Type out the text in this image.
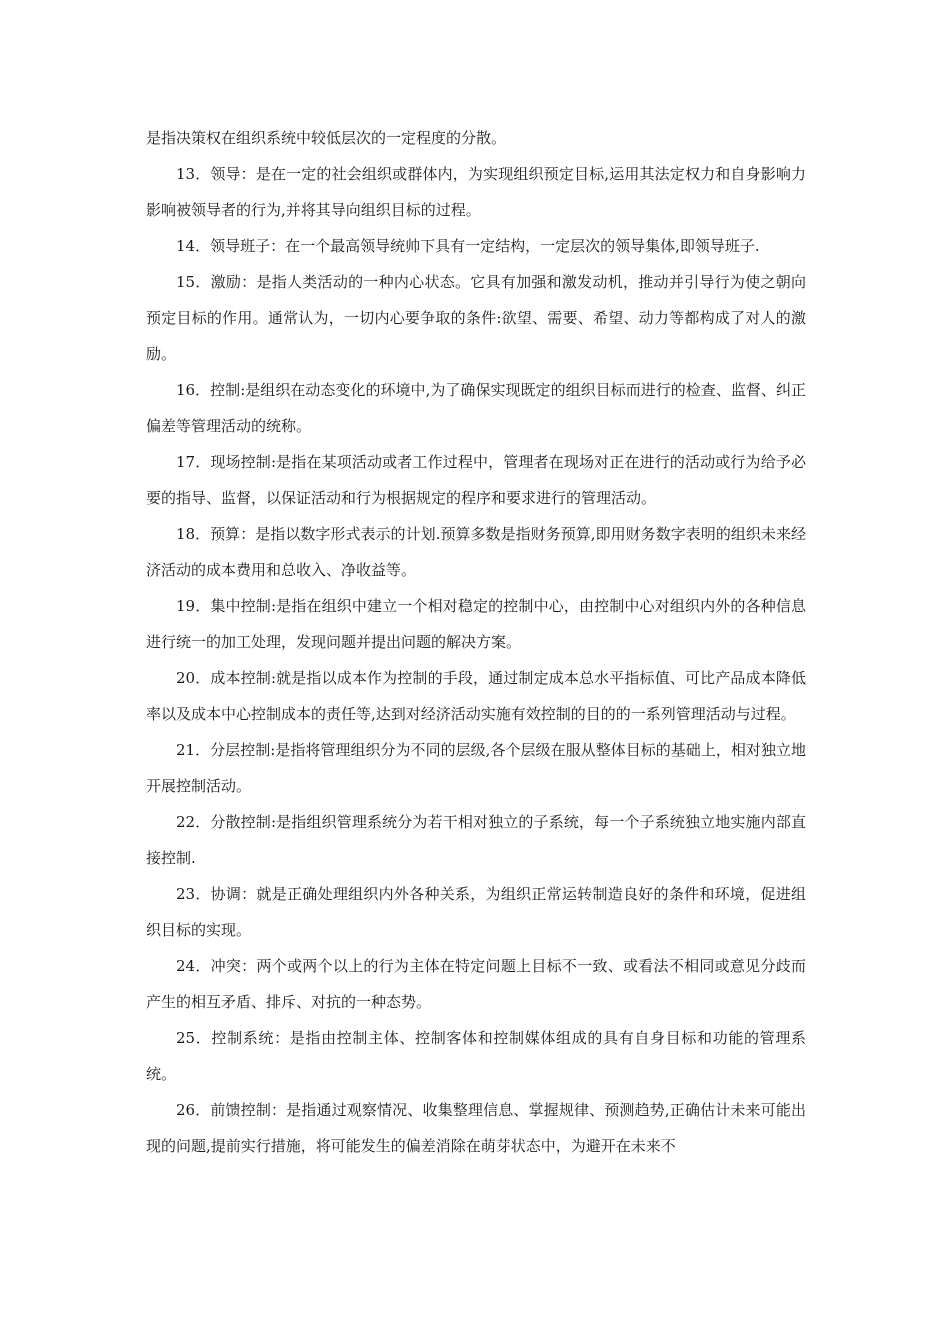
是指决策权在组织系统中较低层次的一定程度的分散。

13．领导：是在一定的社会组织或群体内，为实现组织预定目标,运用其法定权力和自身影响力影响被领导者的行为,并将其导向组织目标的过程。

14．领导班子：在一个最高领导统帅下具有一定结构，一定层次的领导集体,即领导班子.

15．激励：是指人类活动的一种内心状态。它具有加强和激发动机，推动并引导行为使之朝向预定目标的作用。通常认为，一切内心要争取的条件:欲望、需要、希望、动力等都构成了对人的激励。

16．控制:是组织在动态变化的环境中,为了确保实现既定的组织目标而进行的检查、监督、纠正偏差等管理活动的统称。

17．现场控制:是指在某项活动或者工作过程中，管理者在现场对正在进行的活动或行为给予必要的指导、监督，以保证活动和行为根据规定的程序和要求进行的管理活动。

18．预算：是指以数字形式表示的计划.预算多数是指财务预算,即用财务数字表明的组织未来经济活动的成本费用和总收入、净收益等。

19．集中控制:是指在组织中建立一个相对稳定的控制中心，由控制中心对组织内外的各种信息进行统一的加工处理，发现问题并提出问题的解决方案。

20．成本控制:就是指以成本作为控制的手段，通过制定成本总水平指标值、可比产品成本降低率以及成本中心控制成本的责任等,达到对经济活动实施有效控制的目的的一系列管理活动与过程。

21．分层控制:是指将管理组织分为不同的层级,各个层级在服从整体目标的基础上，相对独立地开展控制活动。

22．分散控制:是指组织管理系统分为若干相对独立的子系统，每一个子系统独立地实施内部直接控制.

23．协调：就是正确处理组织内外各种关系，为组织正常运转制造良好的条件和环境，促进组织目标的实现。

24．冲突：两个或两个以上的行为主体在特定问题上目标不一致、或看法不相同或意见分歧而产生的相互矛盾、排斥、对抗的一种态势。

25．控制系统：是指由控制主体、控制客体和控制媒体组成的具有自身目标和功能的管理系统。

26．前馈控制：是指通过观察情况、收集整理信息、掌握规律、预测趋势,正确估计未来可能出现的问题,提前实行措施，将可能发生的偏差消除在萌芽状态中，为避开在未来不
